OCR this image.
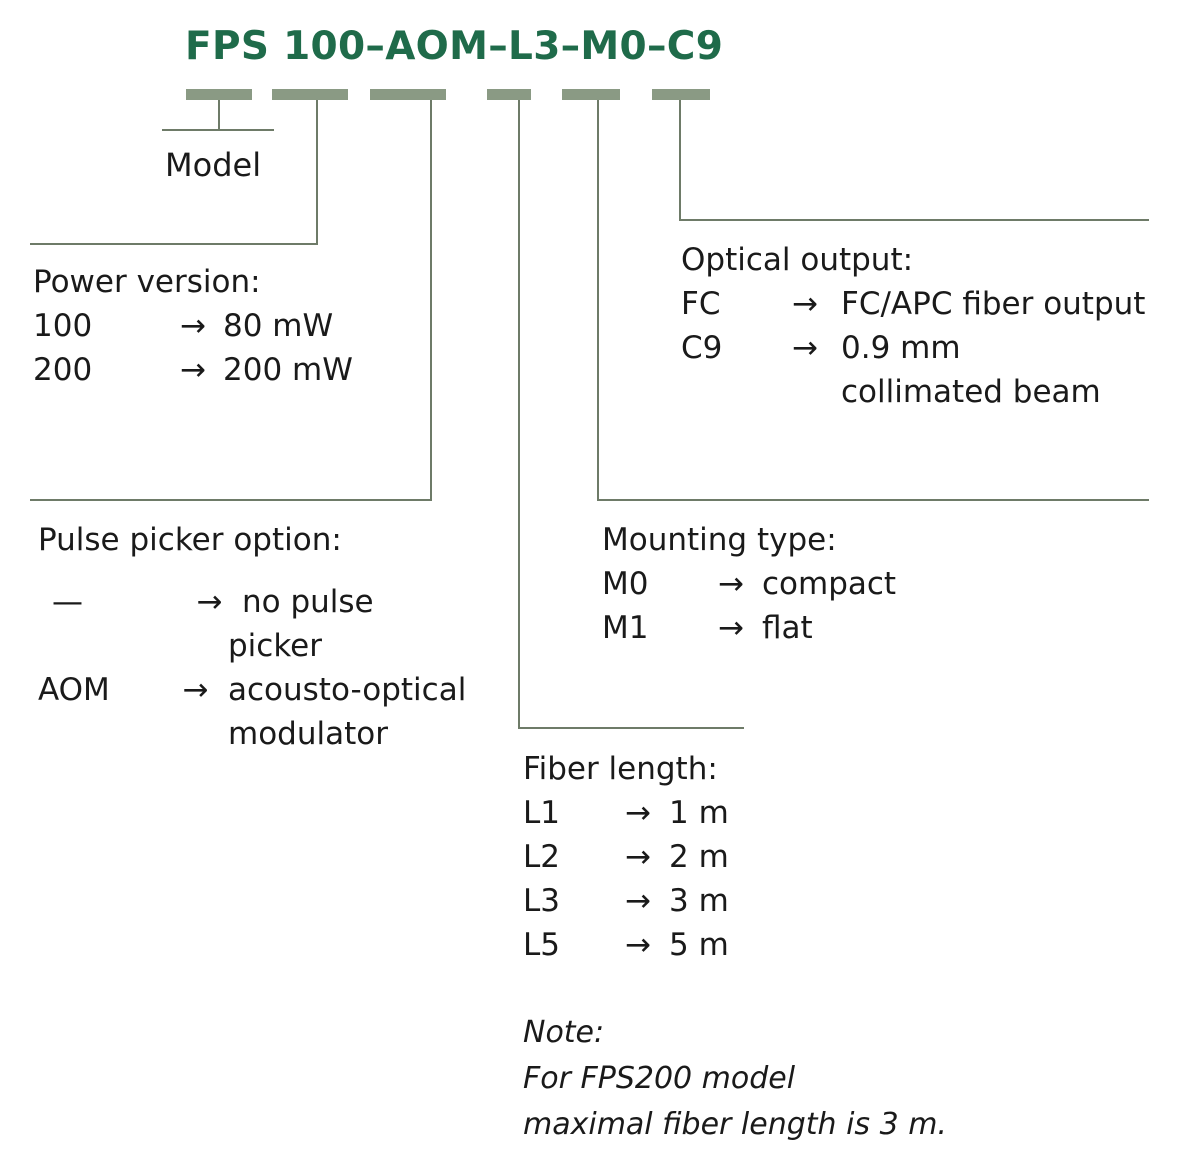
FPS 100–AOM–L3–M0–C9
Model
Power version:
100	→ 80 mW
200	→ 200 mW
Pulse picker option:
—	→ no pulse
picker
AOM	→ acousto-optical
modulator
Fiber length:
L1	→ 1 m
L2	→ 2 m
L3	→ 3 m
L5	→ 5 m
Note:
For FPS200 model
maximal fiber length is 3 m.
Mounting type:
M0	→ compact
M1	→ flat
Optical output:
FC	→ FC/APC fiber output
C9	→ 0.9 mm
collimated beam
